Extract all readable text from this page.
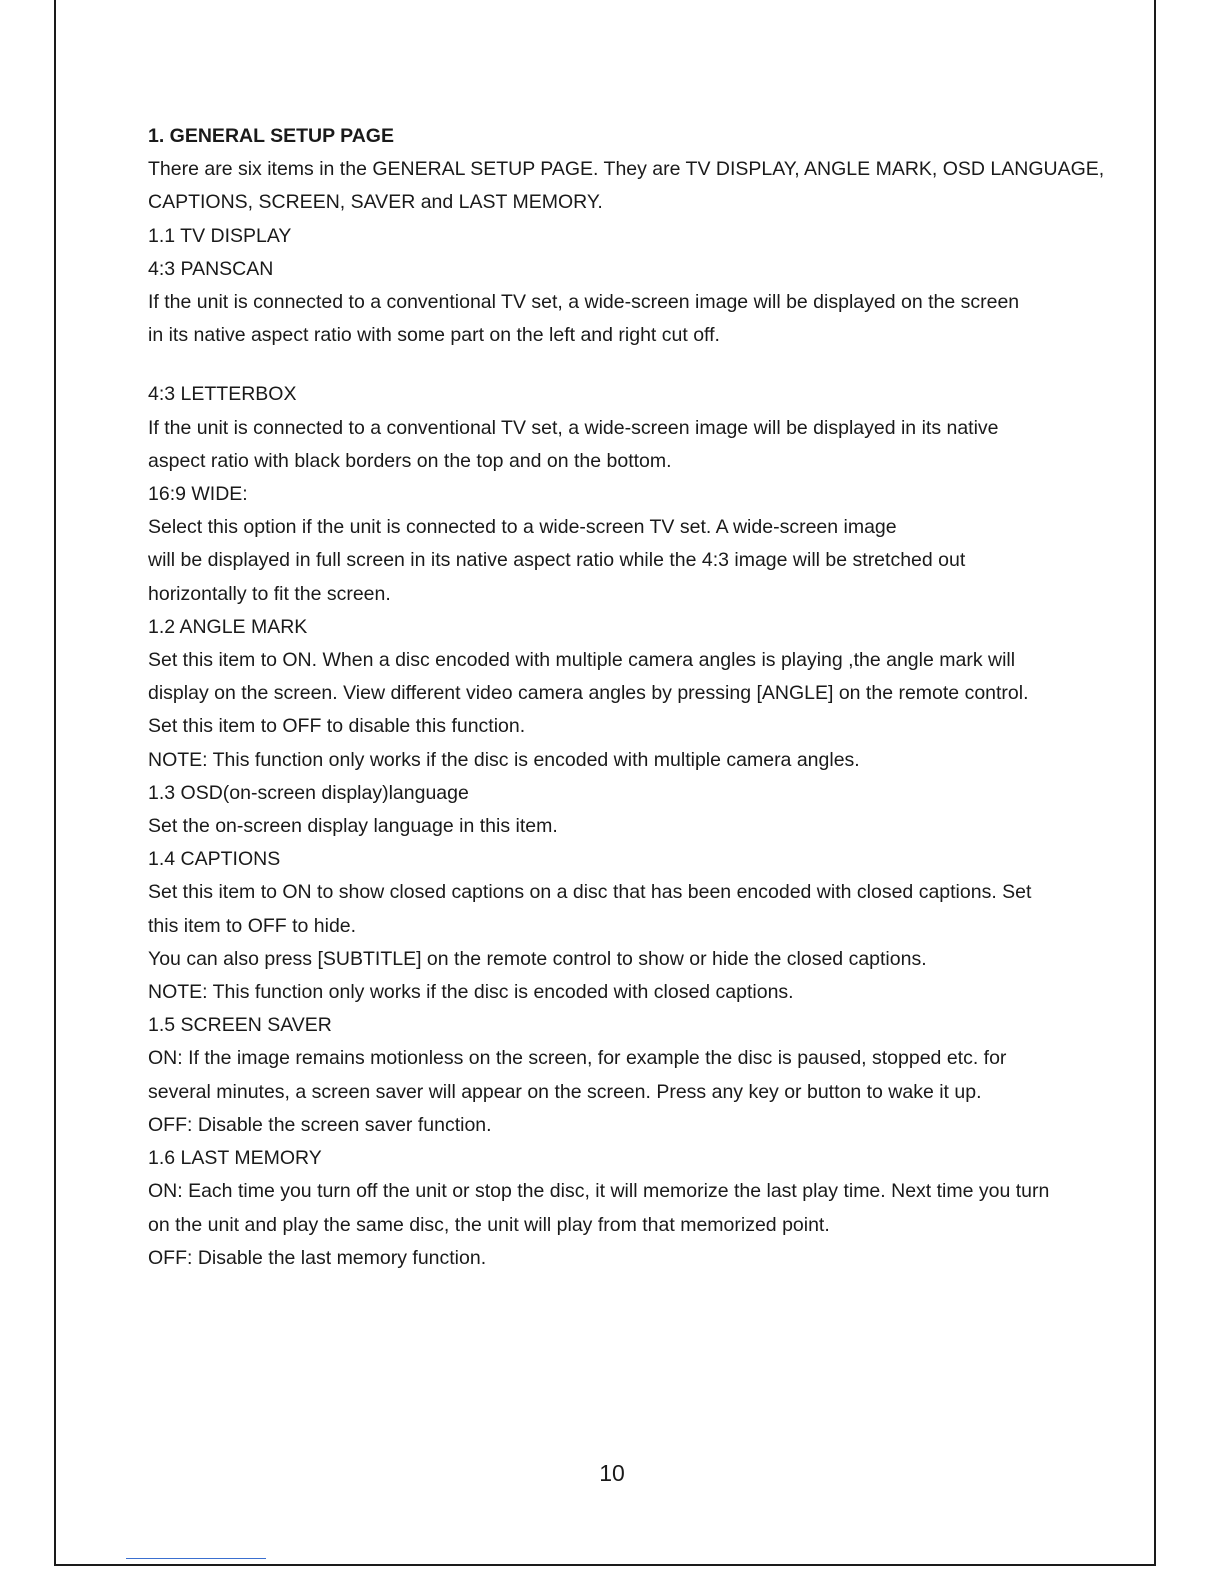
1. GENERAL SETUP PAGE

There are six items in the GENERAL SETUP PAGE. They are TV DISPLAY, ANGLE MARK, OSD LANGUAGE,

CAPTIONS, SCREEN, SAVER and LAST MEMORY.

1.1 TV DISPLAY

4:3 PANSCAN

If the unit is connected to a conventional TV set, a wide-screen image will be displayed on the screen

in its native aspect ratio with some part on the left and right cut off.

4:3 LETTERBOX

If the unit is connected to a conventional TV set, a wide-screen image will be displayed in its native

aspect ratio with black borders on the top and on the bottom.

16:9 WIDE:

Select this option if the unit is connected to a wide-screen TV set. A wide-screen image

will be displayed in full screen in its native aspect ratio while the 4:3 image will be stretched out

horizontally to fit the screen.

1.2 ANGLE MARK

Set this item to ON. When a disc encoded with multiple camera angles is playing ,the angle mark will

display on the screen. View different video camera angles by pressing [ANGLE] on the remote control.

Set this item to OFF to disable this function.

NOTE: This function only works if the disc is encoded with multiple camera angles.

1.3 OSD(on-screen display)language

Set the on-screen display language in this item.

1.4 CAPTIONS

Set this item to ON to show closed captions on a disc that has been encoded with closed captions. Set

this item to OFF to hide.

You can also press [SUBTITLE] on the remote control to show or hide the closed captions.

NOTE: This function only works if the disc is encoded with closed captions.

1.5 SCREEN SAVER

ON: If the image remains motionless on the screen, for example the disc is paused, stopped etc. for

several minutes, a screen saver will appear on the screen. Press any key or button to wake it up.

OFF: Disable the screen saver function.

1.6 LAST MEMORY

ON: Each time you turn off the unit or stop the disc, it will memorize the last play time. Next time you turn

on the unit and play the same disc, the unit will play from that memorized point.

OFF: Disable the last memory function.

10
